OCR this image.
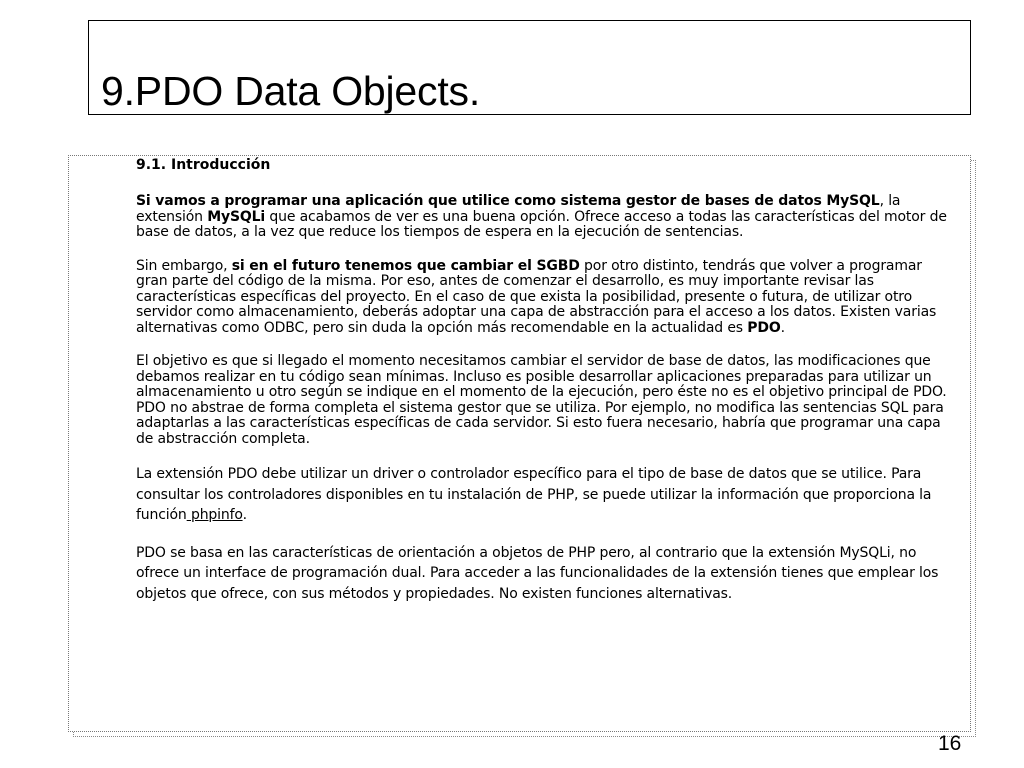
9.PDO Data Objects.
9.1. Introducción

Si vamos a programar una aplicación que utilice como sistema gestor de bases de datos MySQL, la extensión MySQLi que acabamos de ver es una buena opción. Ofrece acceso a todas las características del motor de base de datos, a la vez que reduce los tiempos de espera en la ejecución de sentencias.

Sin embargo, si en el futuro tenemos que cambiar el SGBD por otro distinto, tendrás que volver a programar gran parte del código de la misma. Por eso, antes de comenzar el desarrollo, es muy importante revisar las características específicas del proyecto. En el caso de que exista la posibilidad, presente o futura, de utilizar otro servidor como almacenamiento, deberás adoptar una capa de abstracción para el acceso a los datos. Existen varias alternativas como ODBC, pero sin duda la opción más recomendable en la actualidad es PDO.

El objetivo es que si llegado el momento necesitamos cambiar el servidor de base de datos, las modificaciones que debamos realizar en tu código sean mínimas. Incluso es posible desarrollar aplicaciones preparadas para utilizar un almacenamiento u otro según se indique en el momento de la ejecución, pero éste no es el objetivo principal de PDO. PDO no abstrae de forma completa el sistema gestor que se utiliza. Por ejemplo, no modifica las sentencias SQL para adaptarlas a las características específicas de cada servidor. Si esto fuera necesario, habría que programar una capa de abstracción completa.

La extensión PDO debe utilizar un driver o controlador específico para el tipo de base de datos que se utilice. Para consultar los controladores disponibles en tu instalación de PHP, se puede utilizar la información que proporciona la función phpinfo.

PDO se basa en las características de orientación a objetos de PHP pero, al contrario que la extensión MySQLi, no ofrece un interface de programación dual. Para acceder a las funcionalidades de la extensión tienes que emplear los objetos que ofrece, con sus métodos y propiedades. No existen funciones alternativas.

16
